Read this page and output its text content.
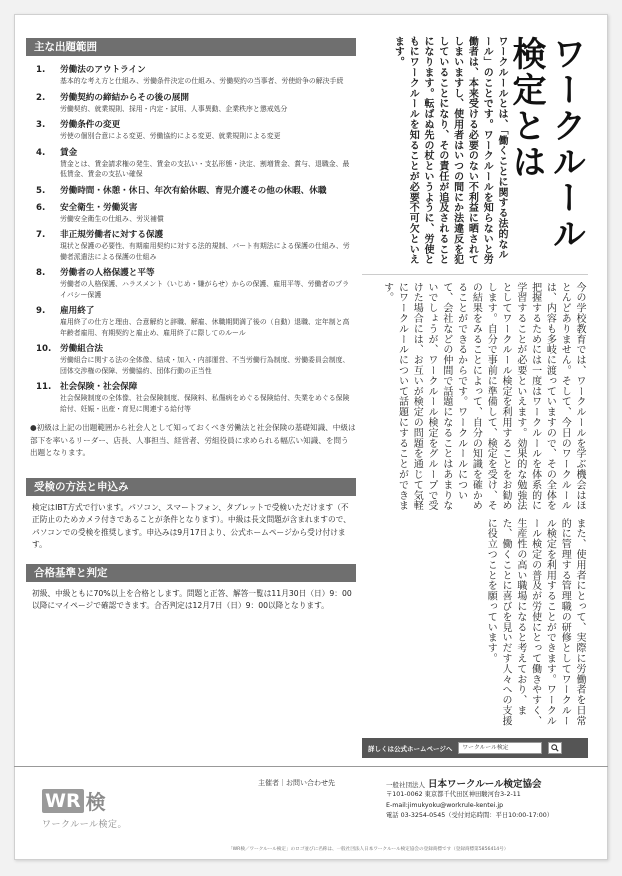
主な出題範囲
1. 労働法のアウトライン
基本的な考え方と仕組み、労働条件決定の仕組み、労働契約の当事者、労使紛争の解決手続
2. 労働契約の締結からその後の展開
労働契約、就業規則、採用・内定・試用、人事異動、企業秩序と懲戒処分
3. 労働条件の変更
労使の個別合意による変更、労働協約による変更、就業規則による変更
4. 賃金
賃金とは、賃金請求権の発生、賃金の支払い・支払形態・決定、割増賃金、賞与、退職金、最低賃金、賃金の支払い確保
5. 労働時間・休憩・休日、年次有給休暇、育児介護その他の休暇、休職
6. 安全衛生・労働災害
労働安全衛生の仕組み、労災補償
7. 非正規労働者に対する保護
現状と保護の必要性、有期雇用契約に対する法的規制、パート有期法による保護の仕組み、労働者派遣法による保護の仕組み
8. 労働者の人格保護と平等
労働者の人格保護、ハラスメント（いじめ・嫌がらせ）からの保護、雇用平等、労働者のプライバシー保護
9. 雇用終了
雇用終了の仕方と理由、合意解約と辞職、解雇、休職期間満了後の（自動）退職、定年制と高年齢者雇用、有期契約と雇止め、雇用終了に際してのルール
10. 労働組合法
労働組合に関する法の全体像、結成・加入・内部運営、不当労働行為制度、労働委員会制度、団体交渉権の保障、労働協約、団体行動の正当性
11. 社会保険・社会保障
社会保険制度の全体像、社会保険制度、保険料、私傷病をめぐる保険給付、失業をめぐる保険給付、妊娠・出産・育児に関連する給付等

●初級は上記の出題範囲から社会人として知っておくべき労働法と社会保険の基礎知識、中級は部下を率いるリーダー、店長、人事担当、経営者、労組役員に求められる幅広い知識、を問う出題となります。

受検の方法と申込み

検定はIBT方式で行います。パソコン、スマートフォン、タブレットで受検いただけます（不正防止のためカメラ付きであることが条件となります）。中級は長文問題が含まれますので、パソコンでの受検を推奨します。申込みは9月17日より、公式ホームページから受け付けます。

合格基準と判定

初級、中級ともに70%以上を合格とします。問題と正答、解答一覧は11月30日（日）9：00以降にマイページで確認できます。合否判定は12月7日（日）9：00以降となります。

ワークルール検定とは
ワークルールとは、「働くことに関する法的なルール」のことです。ワークルールを知らないと労働者は、本来受ける必要のない不利益に晒されてしまいますし、使用者はいつの間にか法違反を犯していることになり、その責任が追及されることになります。転ばぬ先の杖というように、労使ともにワークルールを知ることが必要不可欠といえます。
今の学校教育では、ワークルールを学ぶ機会はほとんどありません。そして、今日のワークルールは、内容も多岐に渡っていますので、その全体を把握するためには一度はワークルールを体系的に学習することが必要といえます。効果的な勉強法としてワークルール検定を利用することをお勧めします。自分で事前に準備して、検定を受け、その結果をみることによって、自分の知識を確かめることができるからです。ワークルールについて、会社などの仲間で話題になることはあまりないでしょうが、ワークルール検定をグループで受けた場合には、お互いが検定の問題を通じて気軽にワークルールについて話題にすることができます。
また、使用者にとって、実際に労働者を日常的に管理する管理職の研修としてワークルール検定を利用することができます。ワークルール検定の普及が労使にとって働きやすく、生産性の高い職場になると考えており、また、働くことに喜びを見いだす人々への支援に役立つことを願っています。
詳しくは公式ホームページへ	ワークルール検定
WR 検
ワークルール検定。
主催者｜お問い合わせ先	一般社団法人 日本ワークルール検定協会
〒101-0062 東京都千代田区神田駿河台3-2-11
E-mail:jimukyoku@workrule-kentei.jp
電話 03-3254-0545（受付対応時間：平日10:00-17:00）
「WR検／ワークルール検定」のロゴ並びに名称は、一般社団法人日本ワークルール検定協会の登録商標です（登録商標第5856414号）
